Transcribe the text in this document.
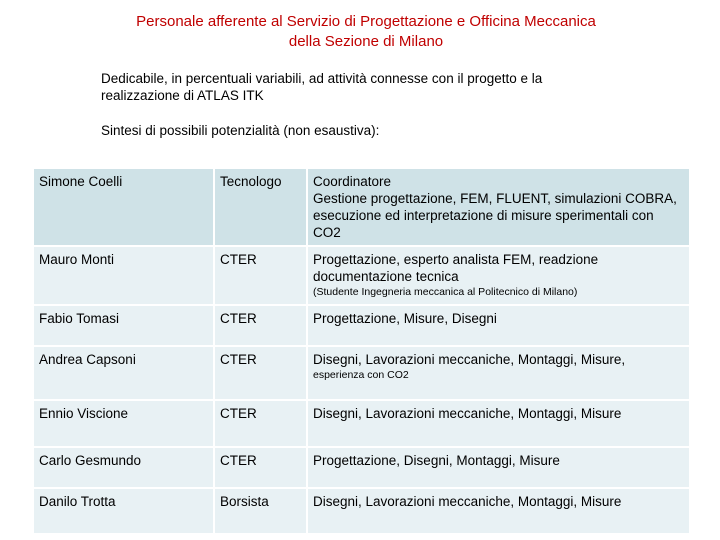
Personale afferente al Servizio di Progettazione e Officina Meccanica
della Sezione di Milano

Dedicabile, in percentuali variabili, ad attività connesse con il progetto e la realizzazione di ATLAS ITK

Sintesi di possibili potenzialità (non esaustiva):

Simone Coelli	Tecnologo	Coordinatore
Gestione progettazione, FEM, FLUENT, simulazioni COBRA, esecuzione ed interpretazione di misure sperimentali con CO2

Mauro Monti	CTER	Progettazione, esperto analista FEM, readzione documentazione tecnica
(Studente Ingegneria meccanica al Politecnico di Milano)

Fabio Tomasi	CTER	Progettazione, Misure, Disegni

Andrea Capsoni	CTER	Disegni, Lavorazioni meccaniche, Montaggi, Misure,
esperienza con CO2

Ennio Viscione	CTER	Disegni, Lavorazioni meccaniche, Montaggi, Misure

Carlo Gesmundo	CTER	Progettazione, Disegni, Montaggi, Misure

Danilo Trotta	Borsista	Disegni, Lavorazioni meccaniche, Montaggi, Misure
